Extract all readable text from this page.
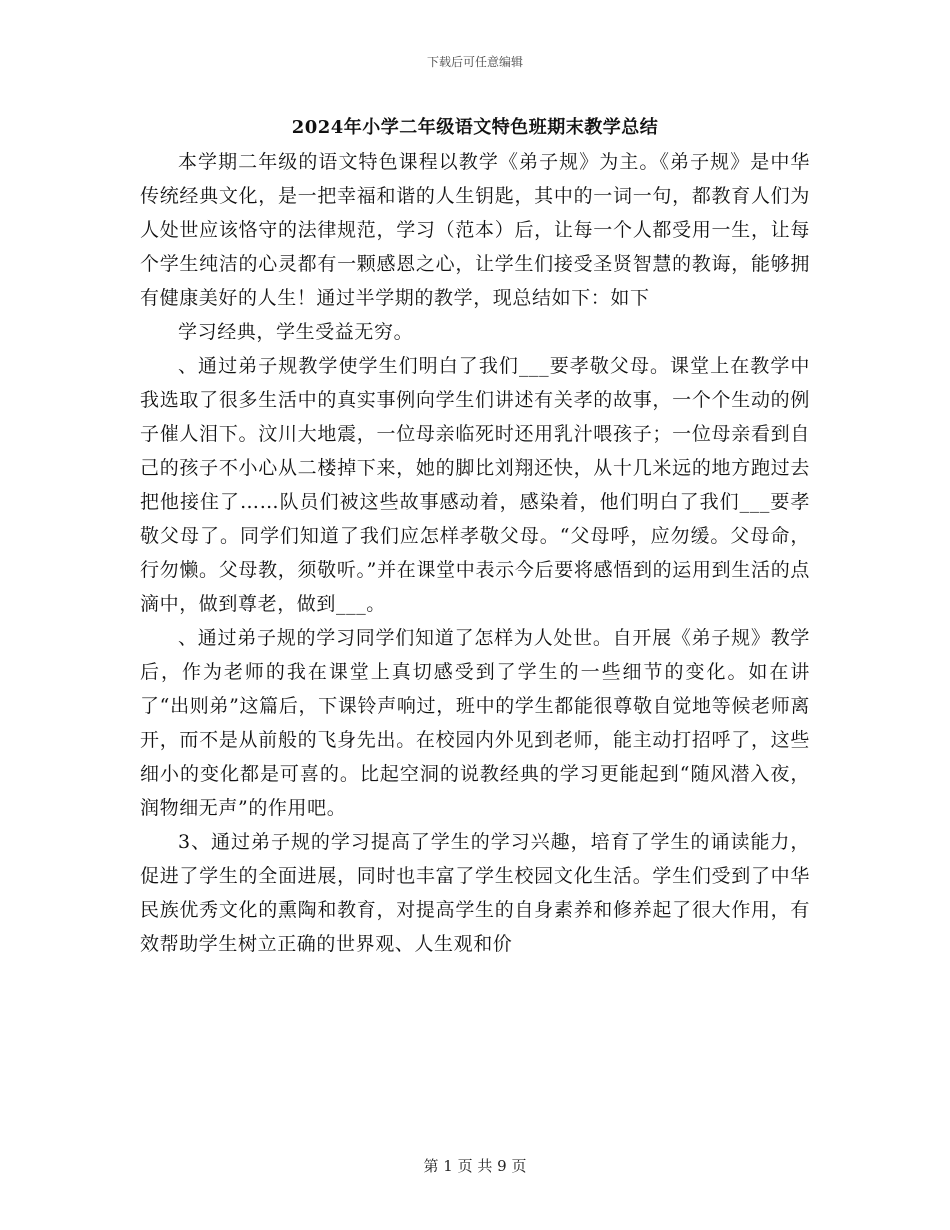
下载后可任意编辑
2024年小学二年级语文特色班期末教学总结

本学期二年级的语文特色课程以教学《弟子规》为主。《弟子规》是中华传统经典文化，是一把幸福和谐的人生钥匙，其中的一词一句，都教育人们为人处世应该恪守的法律规范，学习（范本）后，让每一个人都受用一生，让每个学生纯洁的心灵都有一颗感恩之心，让学生们接受圣贤智慧的教诲，能够拥有健康美好的人生！通过半学期的教学，现总结如下：如下

学习经典，学生受益无穷。

、通过弟子规教学使学生们明白了我们___要孝敬父母。课堂上在教学中我选取了很多生活中的真实事例向学生们讲述有关孝的故事，一个个生动的例子催人泪下。汶川大地震，一位母亲临死时还用乳汁喂孩子；一位母亲看到自己的孩子不小心从二楼掉下来，她的脚比刘翔还快，从十几米远的地方跑过去把他接住了……队员们被这些故事感动着，感染着，他们明白了我们___要孝敬父母了。同学们知道了我们应怎样孝敬父母。“父母呼，应勿缓。父母命，行勿懒。父母教，须敬听。”并在课堂中表示今后要将感悟到的运用到生活的点滴中，做到尊老，做到___。

、通过弟子规的学习同学们知道了怎样为人处世。自开展《弟子规》教学后，作为老师的我在课堂上真切感受到了学生的一些细节的变化。如在讲了“出则弟”这篇后，下课铃声响过，班中的学生都能很尊敬自觉地等候老师离开，而不是从前般的飞身先出。在校园内外见到老师，能主动打招呼了，这些细小的变化都是可喜的。比起空洞的说教经典的学习更能起到“随风潜入夜，润物细无声”的作用吧。

3、通过弟子规的学习提高了学生的学习兴趣，培育了学生的诵读能力，促进了学生的全面进展，同时也丰富了学生校园文化生活。学生们受到了中华民族优秀文化的熏陶和教育，对提高学生的自身素养和修养起了很大作用，有效帮助学生树立正确的世界观、人生观和价

第 1 页 共 9 页
